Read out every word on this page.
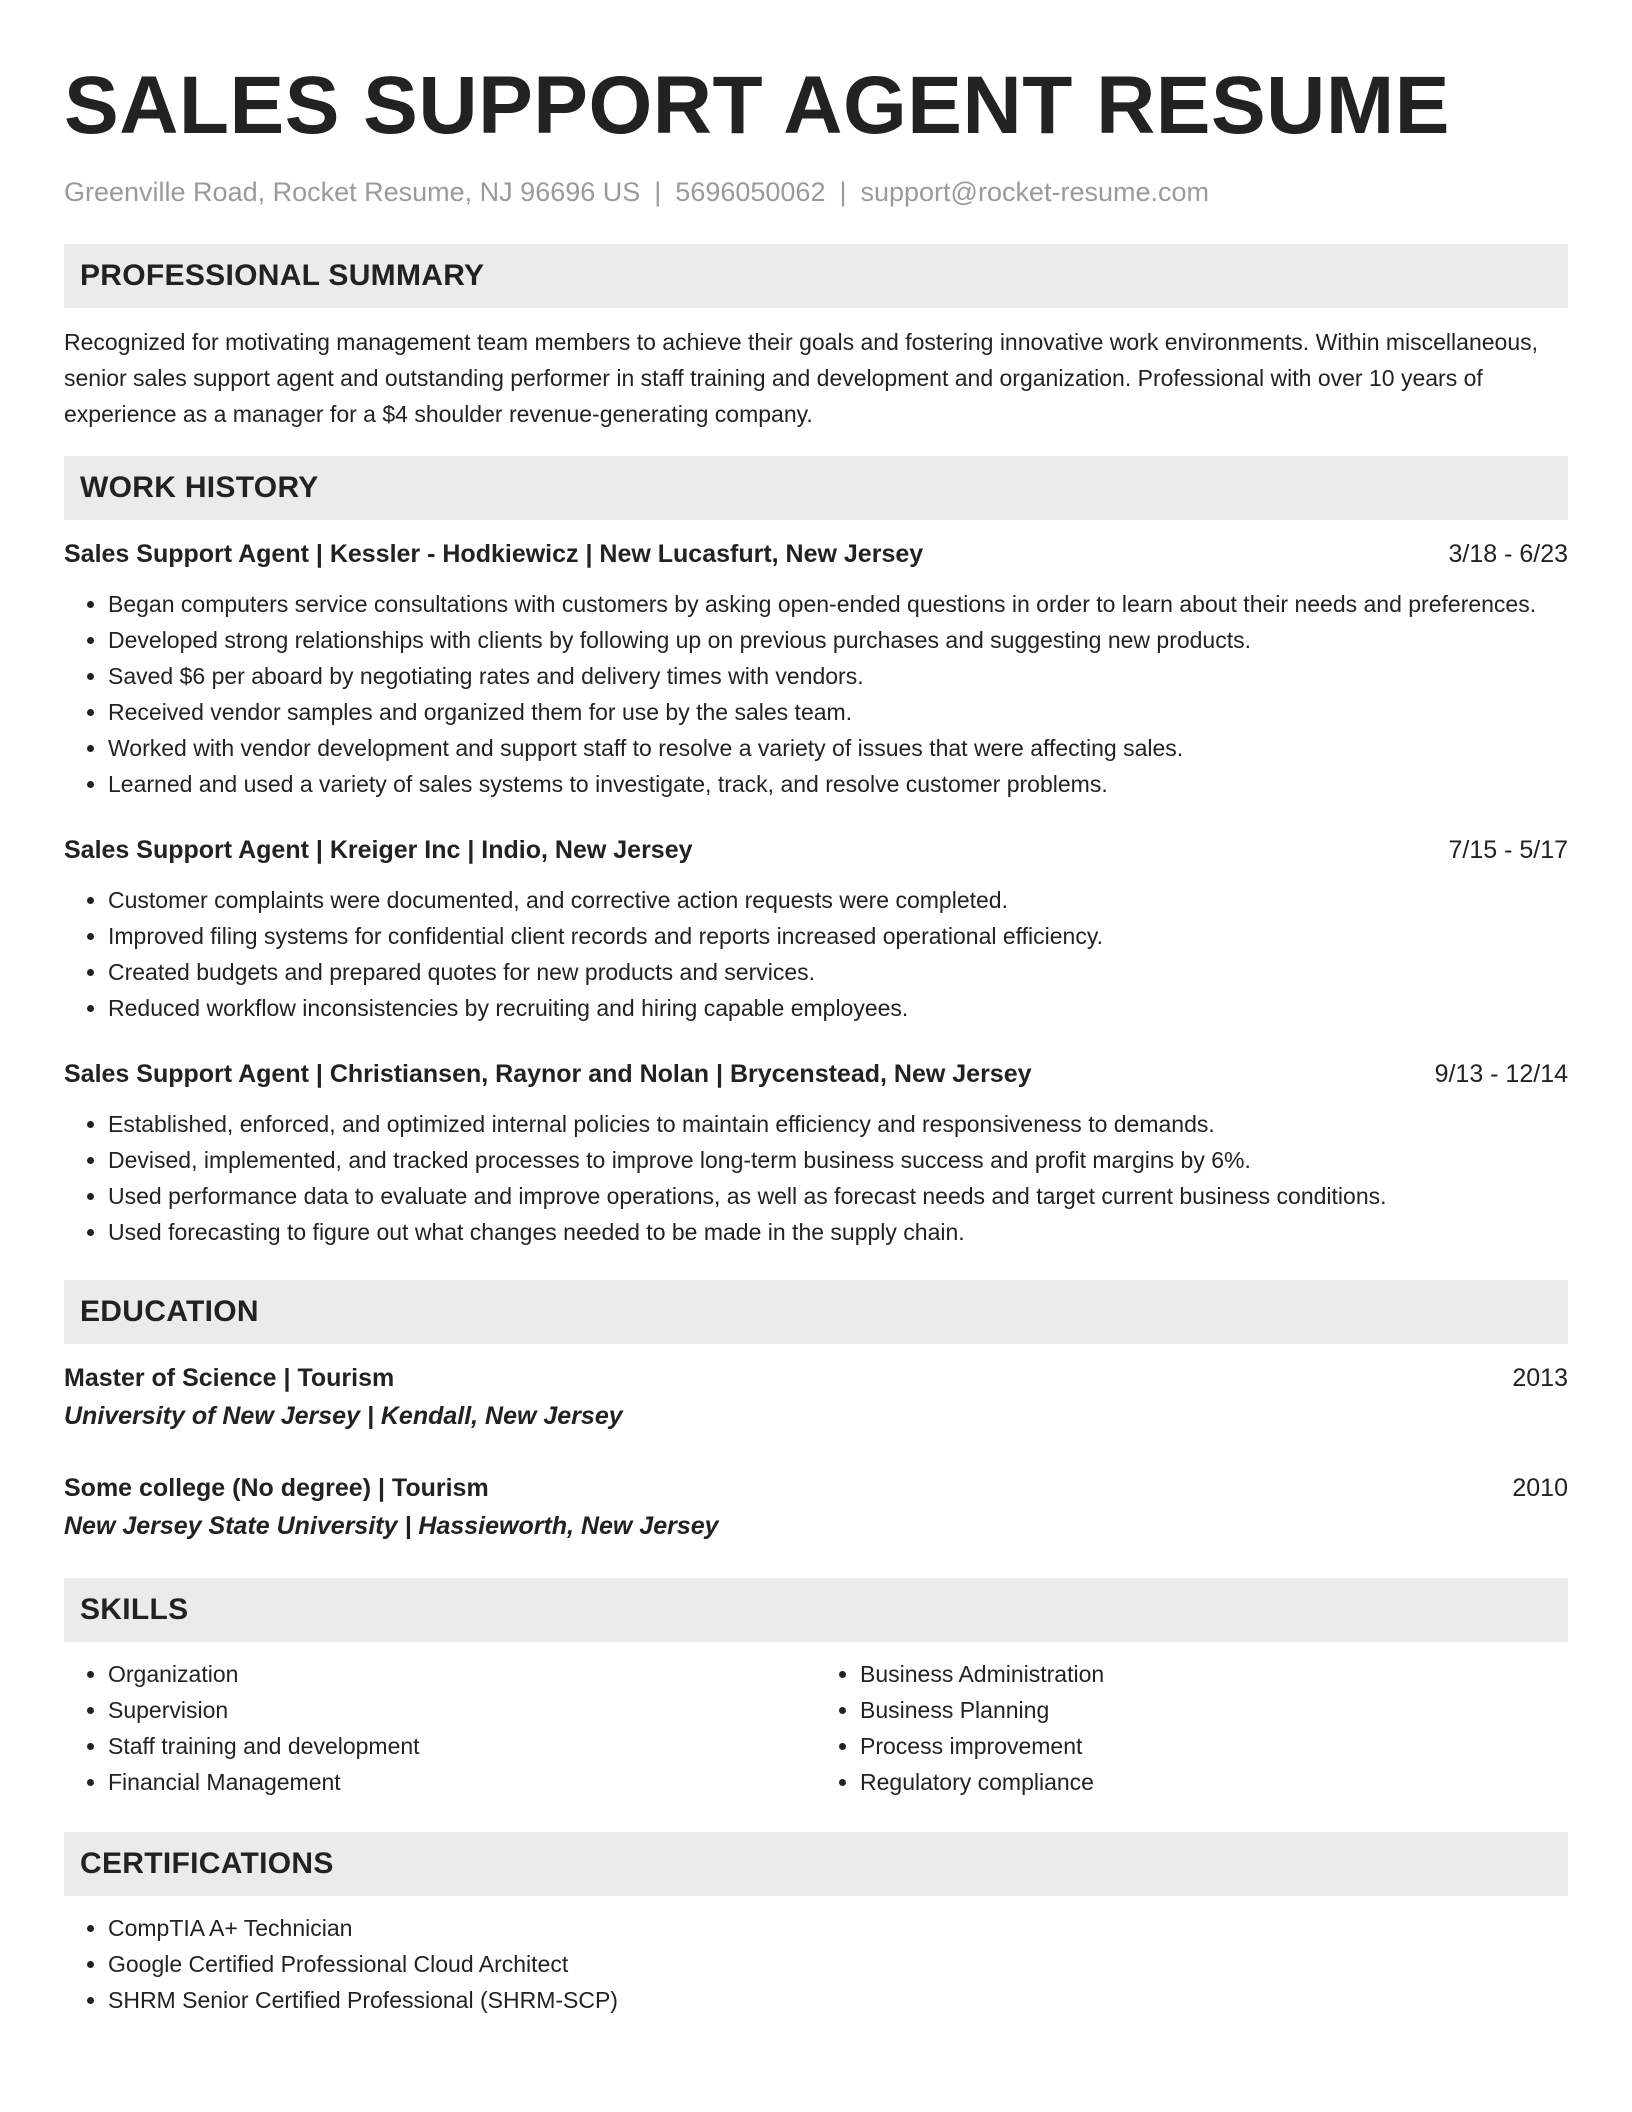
SALES SUPPORT AGENT RESUME
Greenville Road, Rocket Resume, NJ 96696 US | 5696050062 | support@rocket-resume.com
PROFESSIONAL SUMMARY

Recognized for motivating management team members to achieve their goals and fostering innovative work environments. Within miscellaneous, senior sales support agent and outstanding performer in staff training and development and organization. Professional with over 10 years of experience as a manager for a $4 shoulder revenue-generating company.

WORK HISTORY
Sales Support Agent | Kessler - Hodkiewicz | New Lucasfurt, New Jersey	3/18 - 6/23
• Began computers service consultations with customers by asking open-ended questions in order to learn about their needs and preferences.
• Developed strong relationships with clients by following up on previous purchases and suggesting new products.
• Saved $6 per aboard by negotiating rates and delivery times with vendors.
• Received vendor samples and organized them for use by the sales team.
• Worked with vendor development and support staff to resolve a variety of issues that were affecting sales.
• Learned and used a variety of sales systems to investigate, track, and resolve customer problems.
Sales Support Agent | Kreiger Inc | Indio, New Jersey	7/15 - 5/17
• Customer complaints were documented, and corrective action requests were completed.
• Improved filing systems for confidential client records and reports increased operational efficiency.
• Created budgets and prepared quotes for new products and services.
• Reduced workflow inconsistencies by recruiting and hiring capable employees.
Sales Support Agent | Christiansen, Raynor and Nolan | Brycenstead, New Jersey	9/13 - 12/14
• Established, enforced, and optimized internal policies to maintain efficiency and responsiveness to demands.
• Devised, implemented, and tracked processes to improve long-term business success and profit margins by 6%.
• Used performance data to evaluate and improve operations, as well as forecast needs and target current business conditions.
• Used forecasting to figure out what changes needed to be made in the supply chain.
EDUCATION
Master of Science | Tourism	2013
University of New Jersey | Kendall, New Jersey
Some college (No degree) | Tourism	2010
New Jersey State University | Hassieworth, New Jersey
SKILLS
• Organization
• Supervision
• Staff training and development
• Financial Management
• Business Administration
• Business Planning
• Process improvement
• Regulatory compliance
CERTIFICATIONS
• CompTIA A+ Technician
• Google Certified Professional Cloud Architect
• SHRM Senior Certified Professional (SHRM-SCP)
